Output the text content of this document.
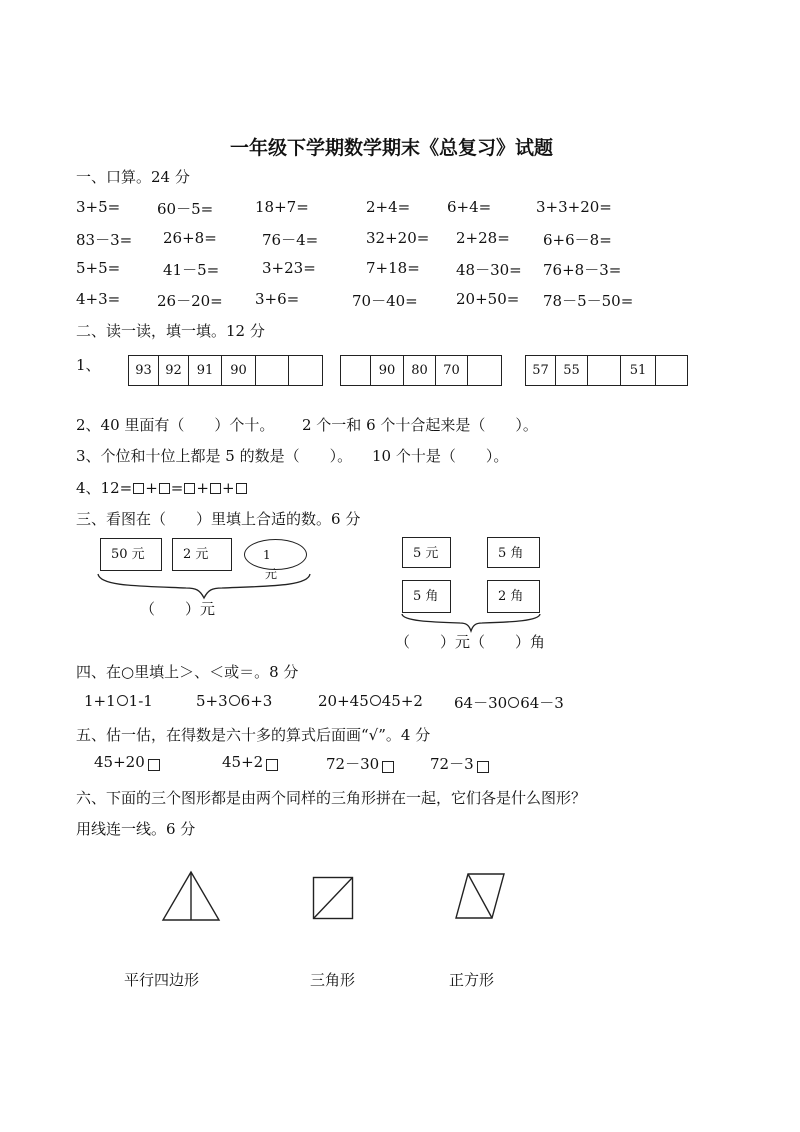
一年级下学期数学期末《总复习》试题
一、口算。24 分
3+5= 60－5=	18+7=	2+4= 6+4=	3+3+20=
83－3= 26+8=	76－4=	32+20= 2+28= 6+6－8=
5+5=	41－5=	3+23=	7+18= 48－30= 76+8－3=
4+3= 26－20= 3+6=	70－40=	20+50= 78－5－50=
二、读一读，填一填。12 分
1、	93	92	91	90	90	80	70	57	55	51
2、40 里面有（　　）个十。 2 个一和 6 个十合起来是（　　）。
3、个位和十位上都是 5 的数是（　　）。 10 个十是（　　）。
4、12= + = + +
三、看图在（　　）里填上合适的数。6 分
50 元	2 元	1
元
（　　）元
5 元	5 角
5 角	2 角
（　　）元（　　）角
四、在○里填上＞、＜或＝。8 分
1+1 1-1	5+3 6+3	20+45 45+2 64－30 64－3
五、估一估，在得数是六十多的算式后面画“√”。4 分
45+20	45+2	72－30	72－3
六、下面的三个图形都是由两个同样的三角形拼在一起，它们各是什么图形？
用线连一线。6 分
平行四边形	三角形	正方形
